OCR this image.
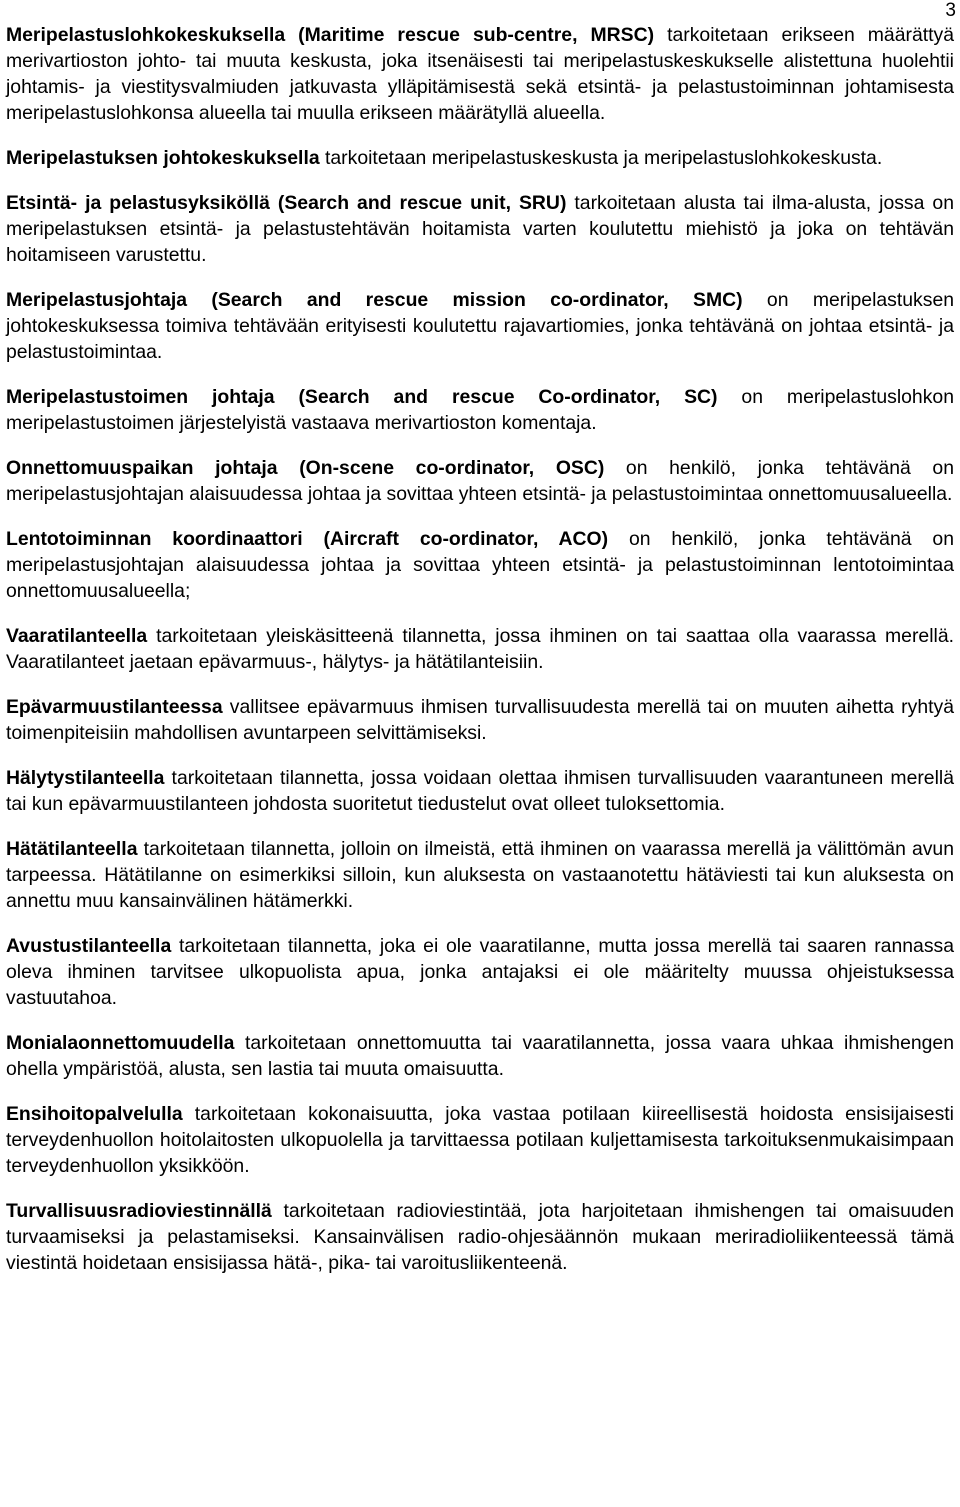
3

Meripelastuslohkokeskuksella (Maritime rescue sub-centre, MRSC) tarkoitetaan erikseen määrättyä merivartioston johto- tai muuta keskusta, joka itsenäisesti tai meripelastuskeskukselle alistettuna huolehtii johtamis- ja viestitysvalmiuden jatkuvasta ylläpitämisestä sekä etsintä- ja pelastustoiminnan johtamisesta meripelastuslohkonsa alueella tai muulla erikseen määrätyllä alueella.

Meripelastuksen johtokeskuksella tarkoitetaan meripelastuskeskusta ja meripelastuslohkokeskusta.

Etsintä- ja pelastusyksiköllä (Search and rescue unit, SRU) tarkoitetaan alusta tai ilma-alusta, jossa on meripelastuksen etsintä- ja pelastustehtävän hoitamista varten koulutettu miehistö ja joka on tehtävän hoitamiseen varustettu.

Meripelastusjohtaja (Search and rescue mission co-ordinator, SMC) on meripelastuksen johtokeskuksessa toimiva tehtävään erityisesti koulutettu rajavartiomies, jonka tehtävänä on johtaa etsintä- ja pelastustoimintaa.

Meripelastustoimen johtaja (Search and rescue Co-ordinator, SC) on meripelastuslohkon meripelastustoimen järjestelyistä vastaava merivartioston komentaja.

Onnettomuuspaikan johtaja (On-scene co-ordinator, OSC) on henkilö, jonka tehtävänä on meripelastusjohtajan alaisuudessa johtaa ja sovittaa yhteen etsintä- ja pelastustoimintaa onnettomuusalueella.

Lentotoiminnan koordinaattori (Aircraft co-ordinator, ACO) on henkilö, jonka tehtävänä on meripelastusjohtajan alaisuudessa johtaa ja sovittaa yhteen etsintä- ja pelastustoiminnan lentotoimintaa onnettomuusalueella;

Vaaratilanteella tarkoitetaan yleiskäsitteenä tilannetta, jossa ihminen on tai saattaa olla vaarassa merellä. Vaaratilanteet jaetaan epävarmuus-, hälytys- ja hätätilanteisiin.

Epävarmuustilanteessa vallitsee epävarmuus ihmisen turvallisuudesta merellä tai on muuten aihetta ryhtyä toimenpiteisiin mahdollisen avuntarpeen selvittämiseksi.

Hälytystilanteella tarkoitetaan tilannetta, jossa voidaan olettaa ihmisen turvallisuuden vaarantuneen merellä tai kun epävarmuustilanteen johdosta suoritetut tiedustelut ovat olleet tuloksettomia.

Hätätilanteella tarkoitetaan tilannetta, jolloin on ilmeistä, että ihminen on vaarassa merellä ja välittömän avun tarpeessa. Hätätilanne on esimerkiksi silloin, kun aluksesta on vastaanotettu hätäviesti tai kun aluksesta on annettu muu kansainvälinen hätämerkki.

Avustustilanteella tarkoitetaan tilannetta, joka ei ole vaaratilanne, mutta jossa merellä tai saaren rannassa oleva ihminen tarvitsee ulkopuolista apua, jonka antajaksi ei ole määritelty muussa ohjeistuksessa vastuutahoa.

Monialaonnettomuudella tarkoitetaan onnettomuutta tai vaaratilannetta, jossa vaara uhkaa ihmishengen ohella ympäristöä, alusta, sen lastia tai muuta omaisuutta.

Ensihoitopalvelulla tarkoitetaan kokonaisuutta, joka vastaa potilaan kiireellisestä hoidosta ensisijaisesti terveydenhuollon hoitolaitosten ulkopuolella ja tarvittaessa potilaan kuljettamisesta tarkoituksenmukaisimpaan terveydenhuollon yksikköön.

Turvallisuusradioviestinnällä tarkoitetaan radioviestintää, jota harjoitetaan ihmishengen tai omaisuuden turvaamiseksi ja pelastamiseksi. Kansainvälisen radio-ohjesäännön mukaan meriradioliikenteessä tämä viestintä hoidetaan ensisijassa hätä-, pika- tai varoitusliikenteenä.
